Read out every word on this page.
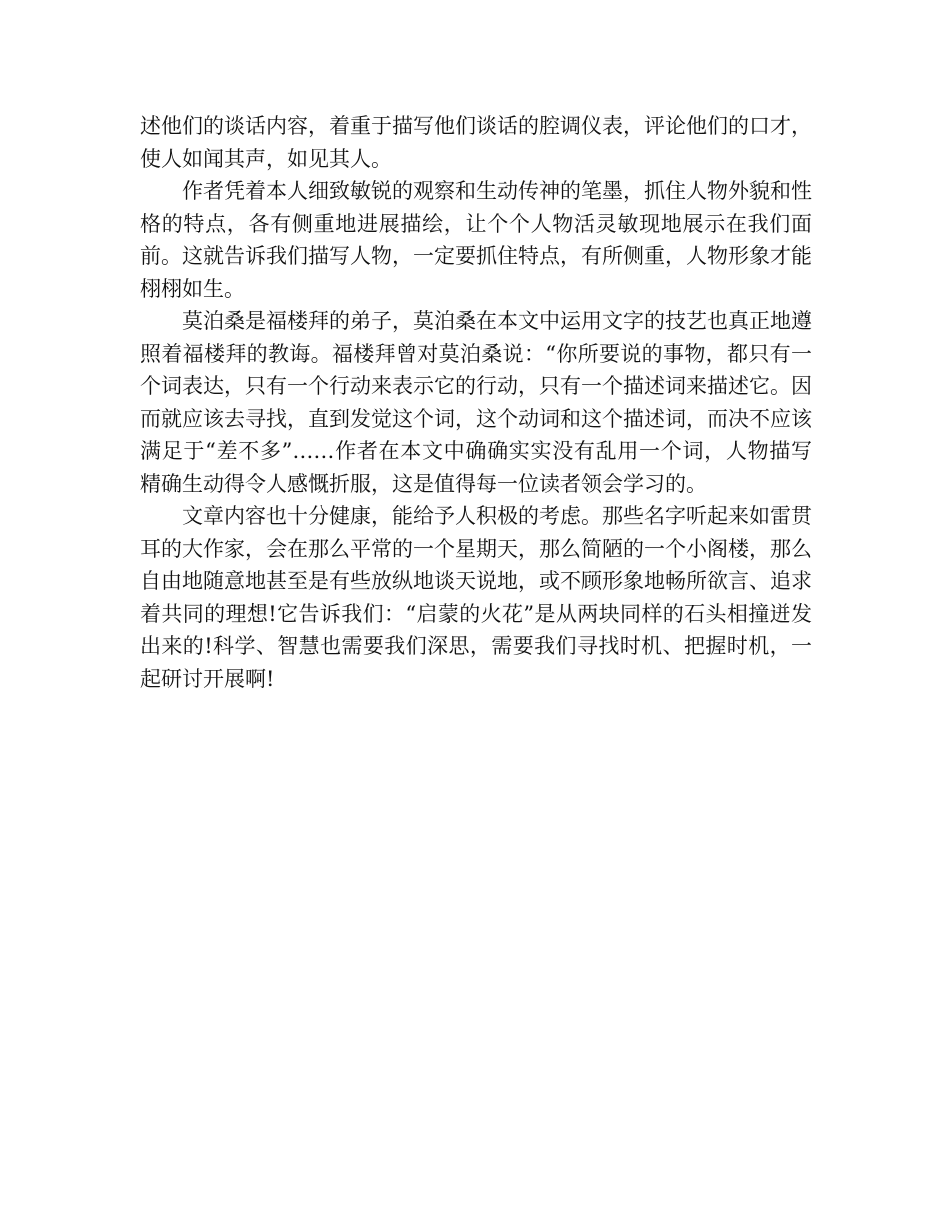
述他们的谈话内容，着重于描写他们谈话的腔调仪表，评论他们的口才，使人如闻其声，如见其人。

作者凭着本人细致敏锐的观察和生动传神的笔墨，抓住人物外貌和性格的特点，各有侧重地进展描绘，让个个人物活灵敏现地展示在我们面前。这就告诉我们描写人物，一定要抓住特点，有所侧重，人物形象才能栩栩如生。

莫泊桑是福楼拜的弟子，莫泊桑在本文中运用文字的技艺也真正地遵照着福楼拜的教诲。福楼拜曾对莫泊桑说：“你所要说的事物，都只有一个词表达，只有一个行动来表示它的行动，只有一个描述词来描述它。因而就应该去寻找，直到发觉这个词，这个动词和这个描述词，而决不应该满足于“差不多”……作者在本文中确确实实没有乱用一个词，人物描写精确生动得令人感慨折服，这是值得每一位读者领会学习的。

文章内容也十分健康，能给予人积极的考虑。那些名字听起来如雷贯耳的大作家，会在那么平常的一个星期天，那么简陋的一个小阁楼，那么自由地随意地甚至是有些放纵地谈天说地，或不顾形象地畅所欲言、追求着共同的理想!它告诉我们：“启蒙的火花”是从两块同样的石头相撞迸发出来的!科学、智慧也需要我们深思，需要我们寻找时机、把握时机，一起研讨开展啊!
